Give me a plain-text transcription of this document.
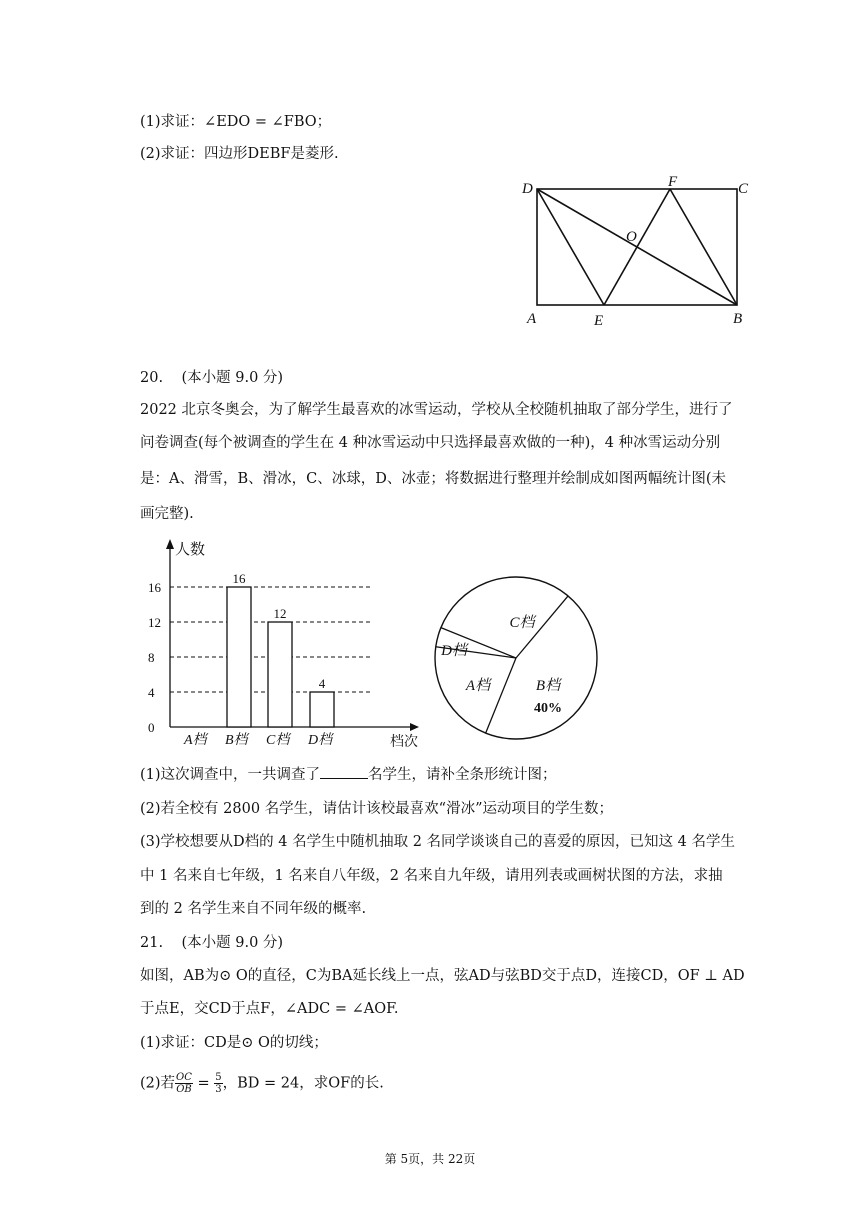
(1)求证：∠EDO = ∠FBO；
(2)求证：四边形DEBF是菱形.
D	F	C
O
A	E	B
20. (本小题 9.0 分)
2022 北京冬奥会，为了解学生最喜欢的冰雪运动，学校从全校随机抽取了部分学生，进行了
问卷调查(每个被调查的学生在 4 种冰雪运动中只选择最喜欢做的一种)，4 种冰雪运动分别
是：A、滑雪，B、滑冰，C、冰球，D、冰壶；将数据进行整理并绘制成如图两幅统计图(未
画完整).
0
4
8
12
16
人数
档次
A档 B档
16
C档
12
D档
4
C档
B档
40%
A档
D档
(1)这次调查中，一共调查了	名学生，请补全条形统计图；
(2)若全校有 2800 名学生，请估计该校最喜欢“滑冰”运动项目的学生数；
(3)学校想要从D档的 4 名学生中随机抽取 2 名同学谈谈自己的喜爱的原因，已知这 4 名学生
中 1 名来自七年级，1 名来自八年级，2 名来自九年级，请用列表或画树状图的方法，求抽
到的 2 名学生来自不同年级的概率.
21. (本小题 9.0 分)
如图，AB为⊙ O的直径，C为BA延长线上一点，弦AD与弦BD交于点D，连接CD，OF ⊥ AD
于点E，交CD于点F，∠ADC = ∠AOF.
(1)求证：CD是⊙ O的切线；
(2)若 $\frac{OC}{OB} = \frac{5}{3}$ ，BD = 24，求OF的长.
第 5页，共 22页
